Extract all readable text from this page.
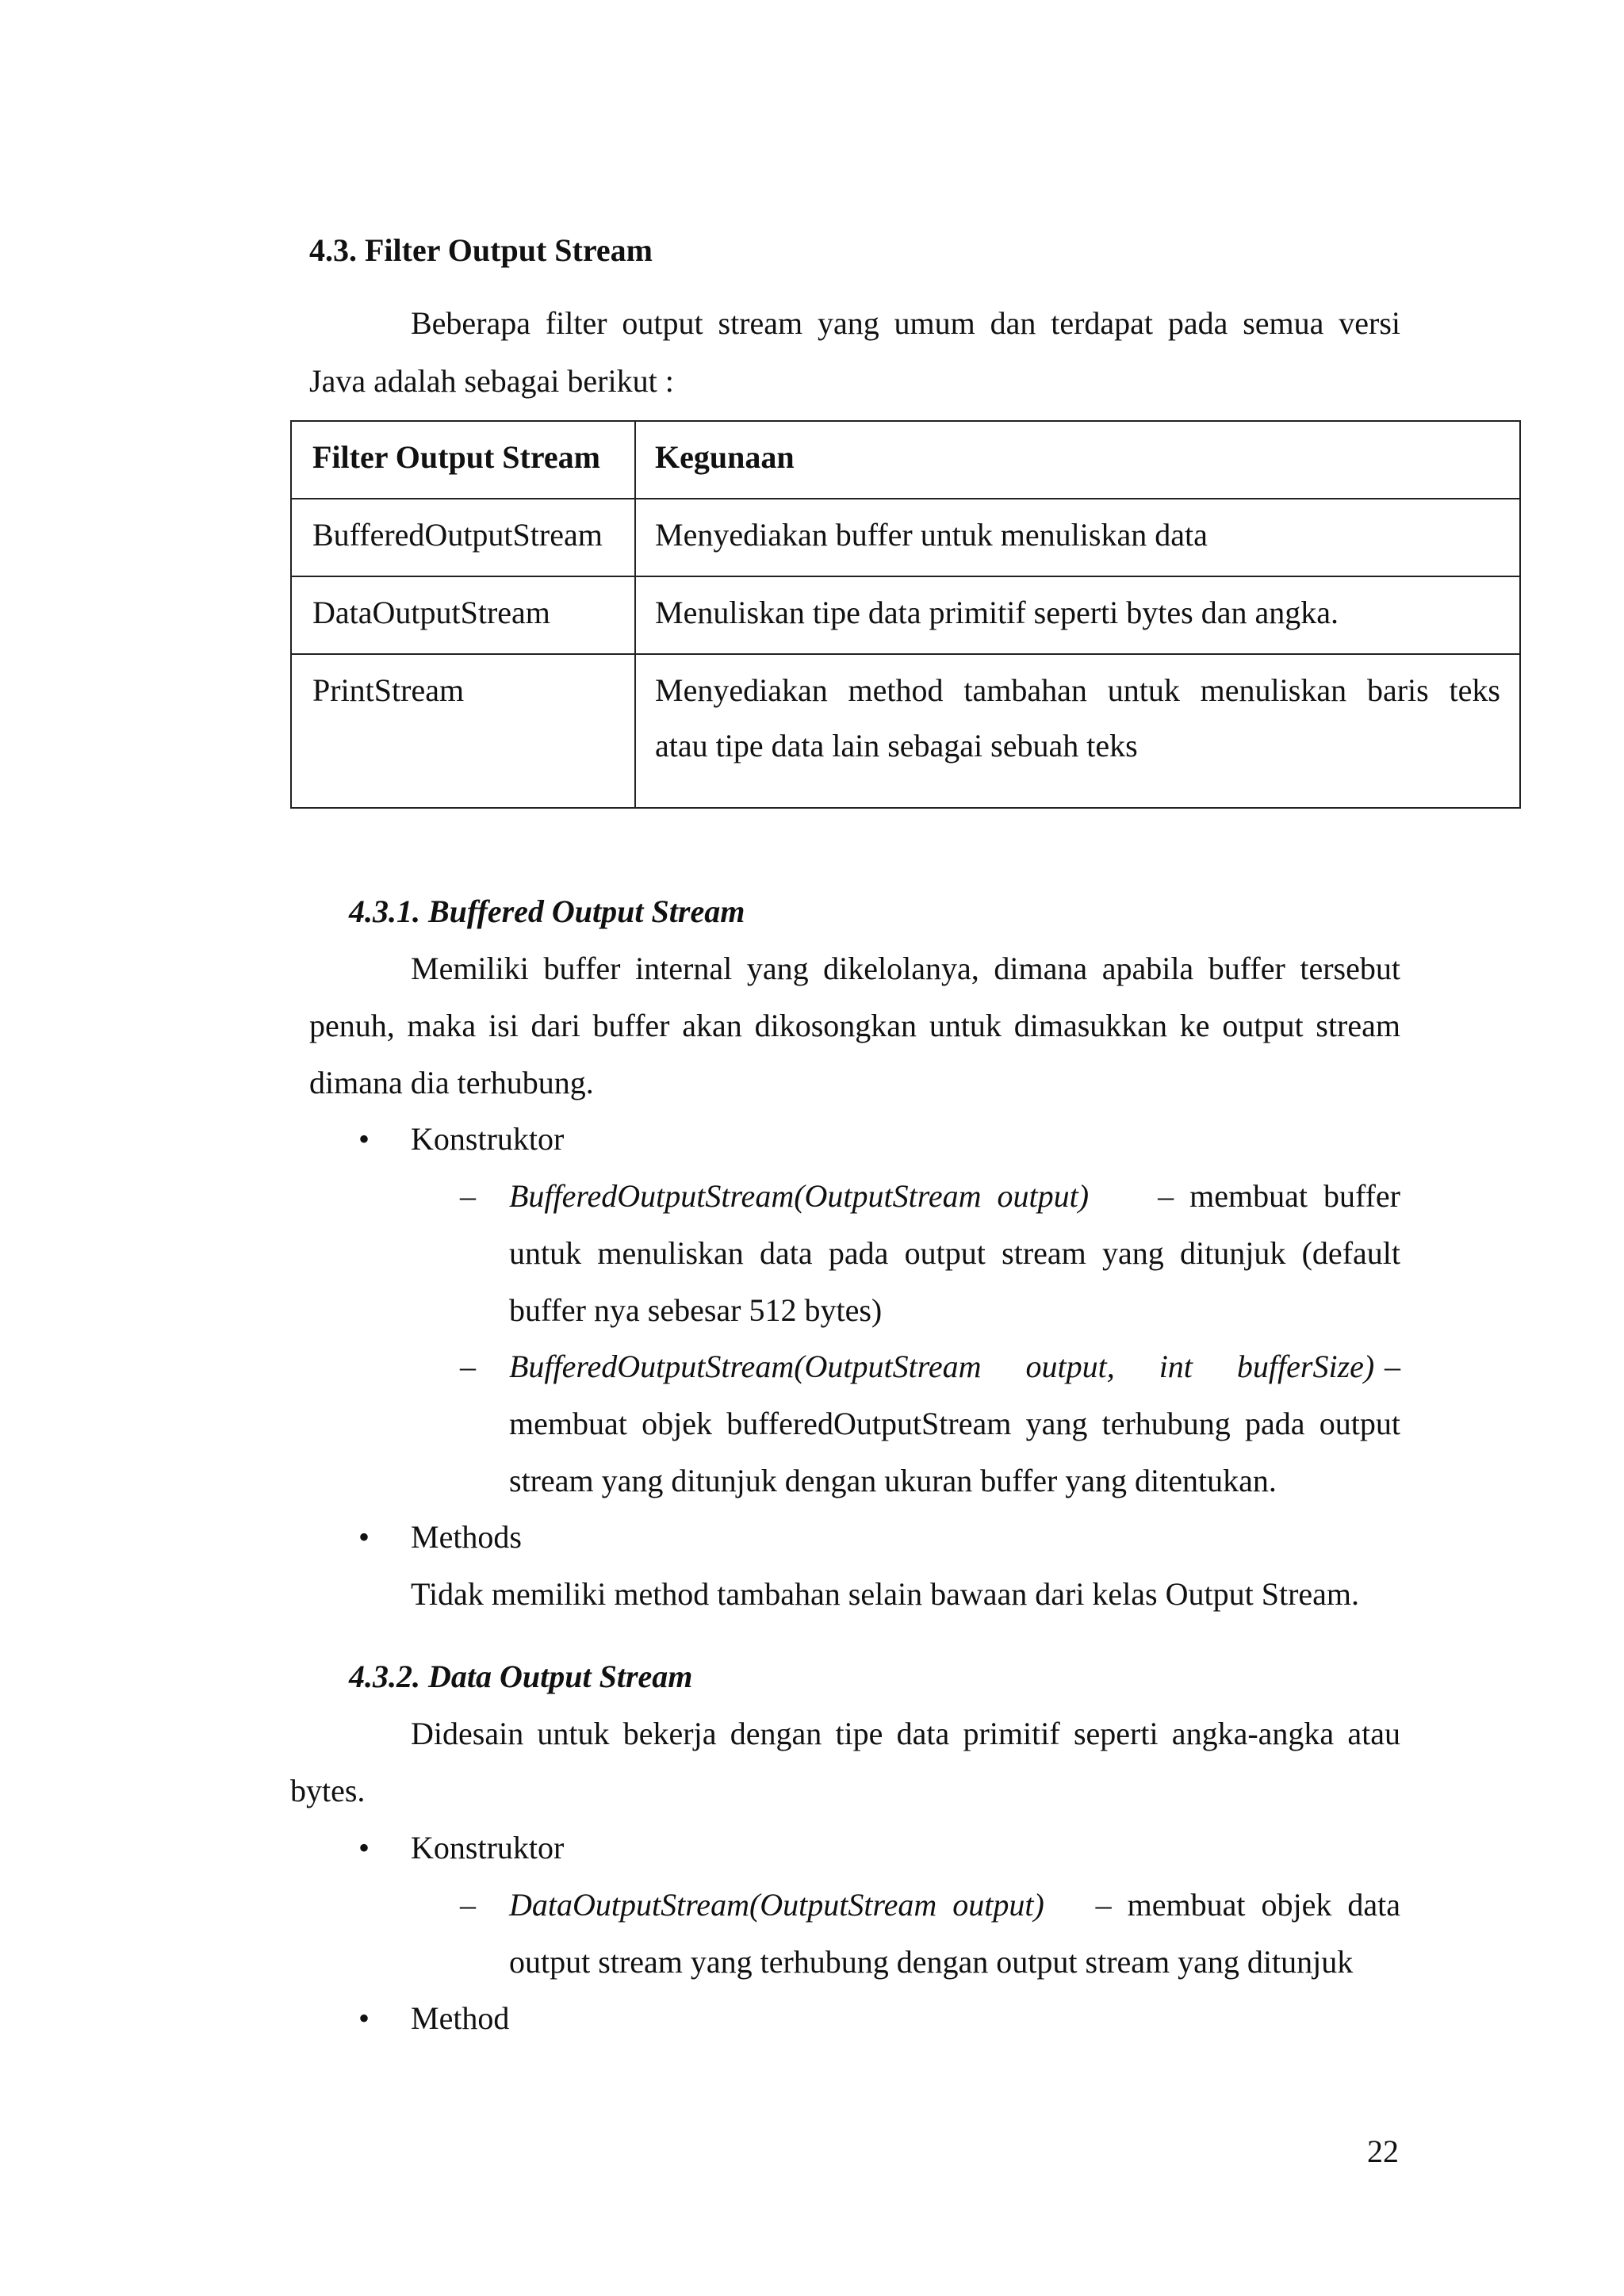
4.3. Filter Output Stream
Beberapa filter output stream yang umum dan terdapat pada semua versi
Java adalah sebagai berikut :
Filter Output Stream	Kegunaan
BufferedOutputStream	Menyediakan buffer untuk menuliskan data
DataOutputStream	Menuliskan tipe data primitif seperti bytes dan angka.
PrintStream	Menyediakan method tambahan untuk menuliskan baris teks
atau tipe data lain sebagai sebuah teks
4.3.1. Buffered Output Stream
Memiliki buffer internal yang dikelolanya, dimana apabila buffer tersebut
penuh, maka isi dari buffer akan dikosongkan untuk dimasukkan ke output stream
dimana dia terhubung.
• Konstruktor
– BufferedOutputStream(OutputStream  output) –  membuat  buffer
untuk menuliskan data pada output stream yang ditunjuk (default
buffer nya sebesar 512 bytes)
– BufferedOutputStream(OutputStream  output,  int  bufferSize) –
membuat objek bufferedOutputStream yang terhubung pada output
stream yang ditunjuk dengan ukuran buffer yang ditentukan.
• Methods
Tidak memiliki method tambahan selain bawaan dari kelas Output Stream.
4.3.2. Data Output Stream
Didesain untuk bekerja dengan tipe data primitif seperti angka-angka atau
bytes.
• Konstruktor
– DataOutputStream(OutputStream  output) –  membuat  objek  data
output stream yang terhubung dengan output stream yang ditunjuk
• Method
22
